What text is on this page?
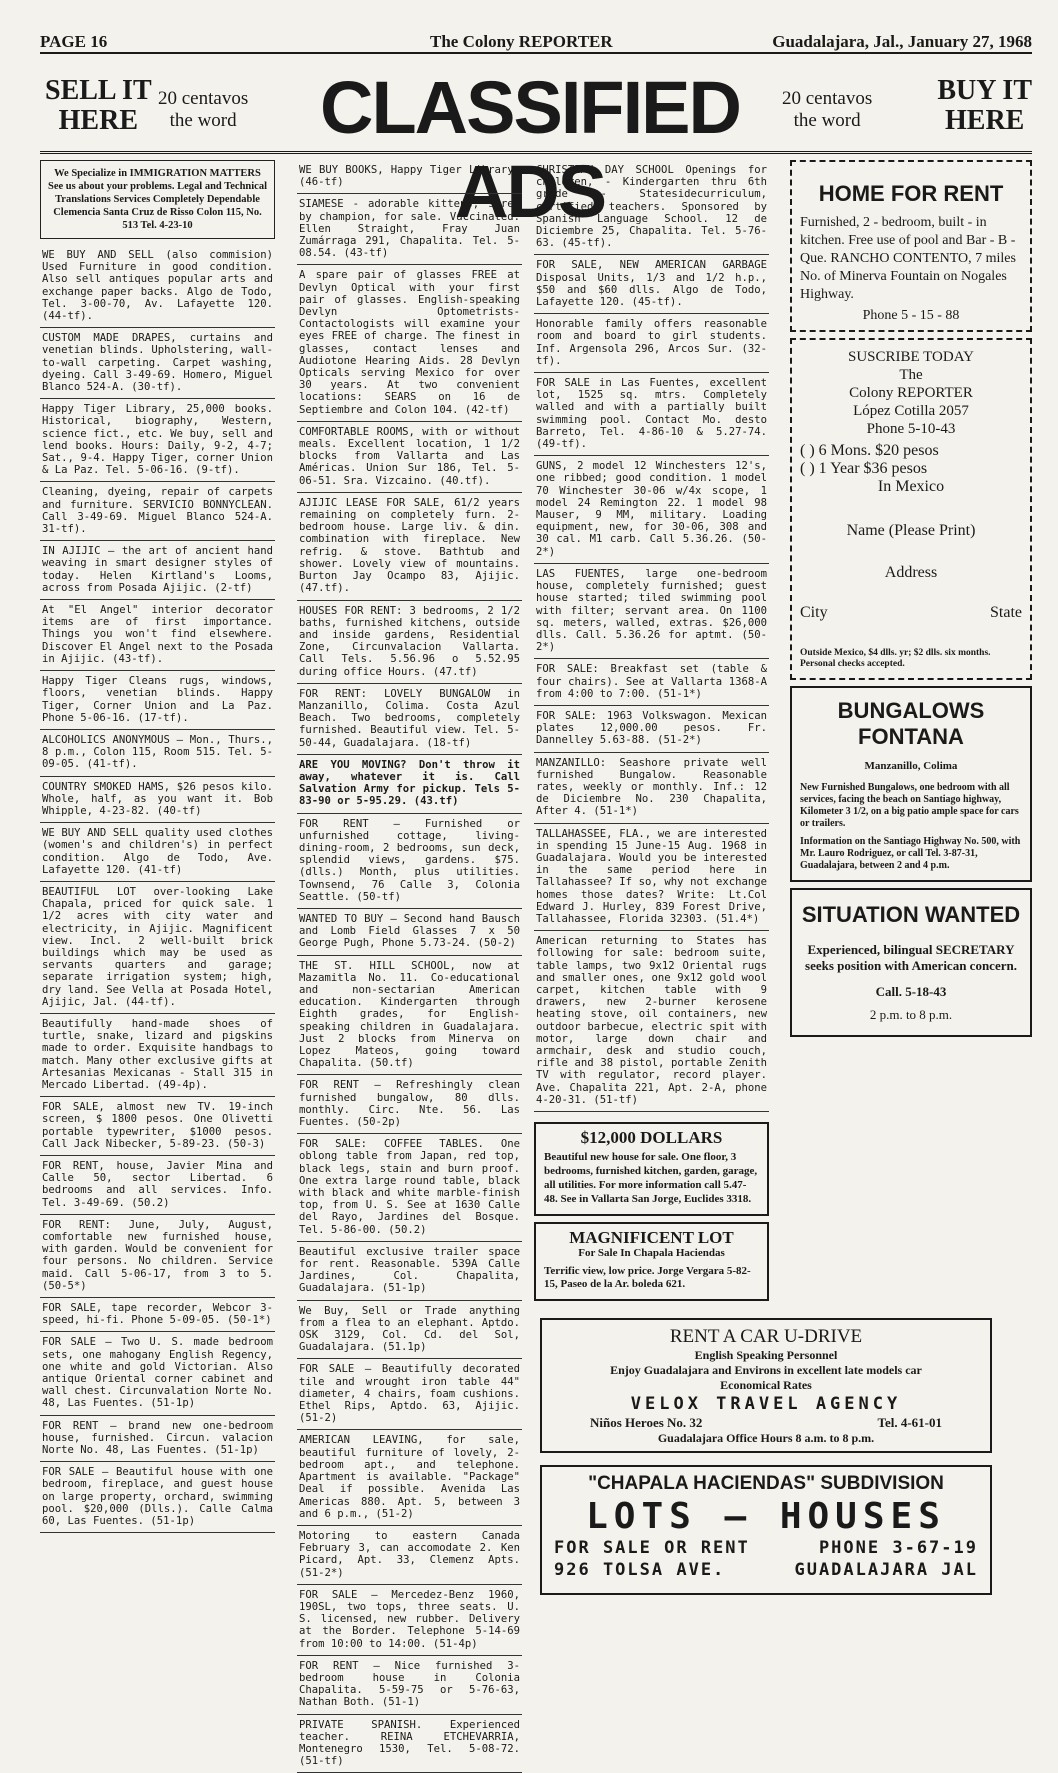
PAGE 16	The Colony REPORTER	Guadalajara, Jal., January 27, 1968
SELL IT
HERE
20 centavos
the word	CLASSIFIED ADS
20 centavos
the word
BUY IT
HERE
We Specialize in IMMIGRATION MATTERS See us about your problems. Legal and Technical Translations Services Completely Dependable Clemencia Santa Cruz de Risso Colon 115, No. 513 Tel. 4-23-10
WE BUY AND SELL (also commision) Used Furniture in good condition. Also sell antiques popular arts and exchange paper backs. Algo de Todo, Tel. 3-00-70, Av. Lafayette 120. (44-tf).
CUSTOM MADE DRAPES, curtains and venetian blinds. Upholstering, wall-to-wall carpeting. Carpet washing, dyeing. Call 3-49-69. Homero, Miguel Blanco 524-A. (30-tf).
Happy Tiger Library, 25,000 books. Historical, biography, Western, science fict., etc. We buy, sell and lend books. Hours: Daily, 9-2, 4-7; Sat., 9-4. Happy Tiger, corner Union & La Paz. Tel. 5-06-16. (9-tf).
Cleaning, dyeing, repair of carpets and furniture. SERVICIO BONNYCLEAN. Call 3-49-69. Miguel Blanco 524-A. 31-tf).
IN AJIJIC — the art of ancient hand weaving in smart designer styles of today. Helen Kirtland's Looms, across from Posada Ajijic. (2-tf)
At "El Angel" interior decorator items are of first importance. Things you won't find elsewhere. Discover El Angel next to the Posada in Ajijic. (43-tf).
Happy Tiger Cleans rugs, windows, floors, venetian blinds. Happy Tiger, Corner Union and La Paz. Phone 5-06-16. (17-tf).
ALCOHOLICS ANONYMOUS — Mon., Thurs., 8 p.m., Colon 115, Room 515. Tel. 5-09-05. (41-tf).
COUNTRY SMOKED HAMS, $26 pesos kilo. Whole, half, as you want it. Bob Whipple, 4-23-82. (40-tf)
WE BUY AND SELL quality used clothes (women's and children's) in perfect condition. Algo de Todo, Ave. Lafayette 120. (41-tf)
BEAUTIFUL LOT over-looking Lake Chapala, priced for quick sale. 1 1/2 acres with city water and electricity, in Ajijic. Magnificent view. Incl. 2 well-built brick buildings which may be used as servants quarters and garage; separate irrigation system; high, dry land. See Vella at Posada Hotel, Ajijic, Jal. (44-tf).
Beautifully hand-made shoes of turtle, snake, lizard and pigskins made to order. Exquisite handbags to match. Many other exclusive gifts at Artesanias Mexicanas - Stall 315 in Mercado Libertad. (49-4p).
FOR SALE, almost new TV. 19-inch screen, $ 1800 pesos. One Olivetti portable typewriter, $1000 pesos. Call Jack Nibecker, 5-89-23. (50-3)
FOR RENT, house, Javier Mina and Calle 50, sector Libertad. 6 bedrooms and all services. Info. Tel. 3-49-69. (50.2)
FOR RENT: June, July, August, comfortable new furnished house, with garden. Would be convenient for four persons. No children. Service maid. Call 5-06-17, from 3 to 5. (50-5*)
FOR SALE, tape recorder, Webcor 3-speed, hi-fi. Phone 5-09-05. (50-1*)
FOR SALE — Two U. S. made bedroom sets, one mahogany English Regency, one white and gold Victorian. Also antique Oriental corner cabinet and wall chest. Circunvalation Norte No. 48, Las Fuentes. (51-1p)
FOR RENT — brand new one-bedroom house, furnished. Circun. valacion Norte No. 48, Las Fuentes. (51-1p)
FOR SALE — Beautiful house with one bedroom, fireplace, and guest house on large property, orchard, swimming pool. $20,000 (Dlls.). Calle Calma 60, Las Fuentes. (51-1p)
WE BUY BOOKS, Happy Tiger Library. (46-tf)
SIAMESE - adorable kittens, sired by champion, for sale. Vaccinated. Ellen Straight, Fray Juan Zumárraga 291, Chapalita. Tel. 5-08.54. (43-tf)
A spare pair of glasses FREE at Devlyn Optical with your first pair of glasses. English-speaking Devlyn Optometrists-Contactologists will examine your eyes FREE of charge. The finest in glasses, contact lenses and Audiotone Hearing Aids. 28 Devlyn Opticals serving Mexico for over 30 years. At two convenient locations: SEARS on 16 de Septiembre and Colon 104. (42-tf)
COMFORTABLE ROOMS, with or without meals. Excellent location, 1 1/2 blocks from Vallarta and Las Américas. Union Sur 186, Tel. 5-06-51. Sra. Vizcaino. (40.tf).
AJIJIC LEASE FOR SALE, 61/2 years remaining on completely furn. 2-bedroom house. Large liv. & din. combination with fireplace. New refrig. & stove. Bathtub and shower. Lovely view of mountains. Burton Jay Ocampo 83, Ajijic. (47.tf).
HOUSES FOR RENT: 3 bedrooms, 2 1/2 baths, furnished kitchens, outside and inside gardens, Residential Zone, Circunvalacion Vallarta. Call Tels. 5.56.96 o 5.52.95 during office Hours. (47.tf)
FOR RENT: LOVELY BUNGALOW in Manzanillo, Colima. Costa Azul Beach. Two bedrooms, completely furnished. Beautiful view. Tel. 5-50-44, Guadalajara. (18-tf)
ARE YOU MOVING? Don't throw it away, whatever it is. Call Salvation Army for pickup. Tels 5-83-90 or 5-95.29. (43.tf)
FOR RENT — Furnished or unfurnished cottage, living-dining-room, 2 bedrooms, sun deck, splendid views, gardens. $75. (dlls.) Month, plus utilities. Townsend, 76 Calle 3, Colonia Seattle. (50-tf)
WANTED TO BUY — Second hand Bausch and Lomb Field Glasses 7 x 50 George Pugh, Phone 5.73-24. (50-2)
THE ST. HILL SCHOOL, now at Mazamitla No. 11. Co-educational and non-sectarian American education. Kindergarten through Eighth grades, for English-speaking children in Guadalajara. Just 2 blocks from Minerva on Lopez Mateos, going toward Chapalita. (50.tf)
FOR RENT — Refreshingly clean furnished bungalow, 80 dlls. monthly. Circ. Nte. 56. Las Fuentes. (50-2p)
FOR SALE: COFFEE TABLES. One oblong table from Japan, red top, black legs, stain and burn proof. One extra large round table, black with black and white marble-finish top, from U. S. See at 1630 Calle del Rayo, Jardines del Bosque. Tel. 5-86-00. (50.2)
Beautiful exclusive trailer space for rent. Reasonable. 539A Calle Jardines, Col. Chapalita, Guadalajara. (51-1p)
We Buy, Sell or Trade anything from a flea to an elephant. Aptdo. OSK 3129, Col. Cd. del Sol, Guadalajara. (51.1p)
FOR SALE — Beautifully decorated tile and wrought iron table 44" diameter, 4 chairs, foam cushions. Ethel Rips, Aptdo. 63, Ajijic. (51-2)
AMERICAN LEAVING, for sale, beautiful furniture of lovely, 2-bedroom apt., and telephone. Apartment is available. "Package" Deal if possible. Avenida Las Americas 880. Apt. 5, between 3 and 6 p.m., (51-2)
Motoring to eastern Canada February 3, can accomodate 2. Ken Picard, Apt. 33, Clemenz Apts. (51-2*)
FOR SALE — Mercedez-Benz 1960, 190SL, two tops, three seats. U. S. licensed, new rubber. Delivery at the Border. Telephone 5-14-69 from 10:00 to 14:00. (51-4p)
FOR RENT — Nice furnished 3-bedroom house in Colonia Chapalita. 5-59-75 or 5-76-63, Nathan Both. (51-1)
PRIVATE SPANISH. Experienced teacher. REINA ETCHEVARRIA, Montenegro 1530, Tel. 5-08-72. (51-tf)
CHRISTIAN DAY SCHOOL Openings for children, - Kindergarten thru 6th grade - Statesidecurriculum, certified teachers. Sponsored by Spanish Language School. 12 de Diciembre 25, Chapalita. Tel. 5-76-63. (45-tf).
FOR SALE, NEW AMERICAN GARBAGE Disposal Units, 1/3 and 1/2 h.p., $50 and $60 dlls. Algo de Todo, Lafayette 120. (45-tf).
Honorable family offers reasonable room and board to girl students. Inf. Argensola 296, Arcos Sur. (32-tf).
FOR SALE in Las Fuentes, excellent lot, 1525 sq. mtrs. Completely walled and with a partially built swimming pool. Contact Mo. desto Barreto, Tel. 4-86-10 & 5.27-74. (49-tf).
GUNS, 2 model 12 Winchesters 12's, one ribbed; good condition. 1 model 70 Winchester 30-06 w/4x scope, 1 model 24 Remington 22. 1 model 98 Mauser, 9 MM, military. Loading equipment, new, for 30-06, 308 and 30 cal. M1 carb. Call 5.36.26. (50-2*)
LAS FUENTES, large one-bedroom house, completely furnished; guest house started; tiled swimming pool with filter; servant area. On 1100 sq. meters, walled, extras. $26,000 dlls. Call. 5.36.26 for aptmt. (50-2*)
FOR SALE: Breakfast set (table & four chairs). See at Vallarta 1368-A from 4:00 to 7:00. (51-1*)
FOR SALE: 1963 Volkswagon. Mexican plates 12,000.00 pesos. Fr. Dannelley 5.63-88. (51-2*)
MANZANILLO: Seashore private well furnished Bungalow. Reasonable rates, weekly or monthly. Inf.: 12 de Diciembre No. 230 Chapalita, After 4. (51-1*)
TALLAHASSEE, FLA., we are interested in spending 15 June-15 Aug. 1968 in Guadalajara. Would you be interested in the same period here in Tallahassee? If so, why not exchange homes those dates? Write: Lt.Col Edward J. Hurley, 839 Forest Drive, Tallahassee, Florida 32303. (51.4*)
American returning to States has following for sale: bedroom suite, table lamps, two 9x12 Oriental rugs and smaller ones, one 9x12 gold wool carpet, kitchen table with 9 drawers, new 2-burner kerosene heating stove, oil containers, new outdoor barbecue, electric spit with motor, large down chair and armchair, desk and studio couch, rifle and 38 pistol, portable Zenith TV with regulator, record player. Ave. Chapalita 221, Apt. 2-A, phone 4-20-31. (51-tf)
$12,000 DOLLARS
Beautiful new house for sale. One floor, 3 bedrooms, furnished kitchen, garden, garage, all utilities. For more information call 5.47-48. See in Vallarta San Jorge, Euclides 3318.
MAGNIFICENT LOT
For Sale In Chapala Haciendas
Terrific view, low price. Jorge Vergara 5-82-15, Paseo de la Ar. boleda 621.
HOME FOR RENT
Furnished, 2 - bedroom, built - in kitchen. Free use of pool and Bar - B - Que. RANCHO CONTENTO, 7 miles No. of Minerva Fountain on Nogales Highway.
Phone 5 - 15 - 88
SUSCRIBE TODAY
The
Colony REPORTER
López Cotilla 2057
Phone 5-10-43
( ) 6 Mons. $20 pesos
( ) 1 Year $36 pesos
In Mexico
Name (Please Print)
Address
City	State
Outside Mexico, $4 dlls. yr; $2 dlls. six months. Personal checks accepted.
BUNGALOWS FONTANA
Manzanillo, Colima
New Furnished Bungalows, one bedroom with all services, facing the beach on Santiago highway, Kilometer 3 1/2, on a big patio ample space for cars or trailers.
Information on the Santiago Highway No. 500, with Mr. Lauro Rodriguez, or call Tel. 3-87-31, Guadalajara, between 2 and 4 p.m.
SITUATION WANTED
Experienced, bilingual SECRETARY seeks position with American concern.
Call. 5-18-43
2 p.m. to 8 p.m.
RENT A CAR U-DRIVE
English Speaking Personnel
Enjoy Guadalajara and Environs in excellent late models car
Economical Rates
VELOX TRAVEL AGENCY
Niños Heroes No. 32	Tel. 4-61-01
Guadalajara Office Hours 8 a.m. to 8 p.m.
"CHAPALA HACIENDAS" SUBDIVISION
LOTS — HOUSES
FOR SALE OR RENT	PHONE 3-67-19
926 TOLSA AVE.	GUADALAJARA JAL
